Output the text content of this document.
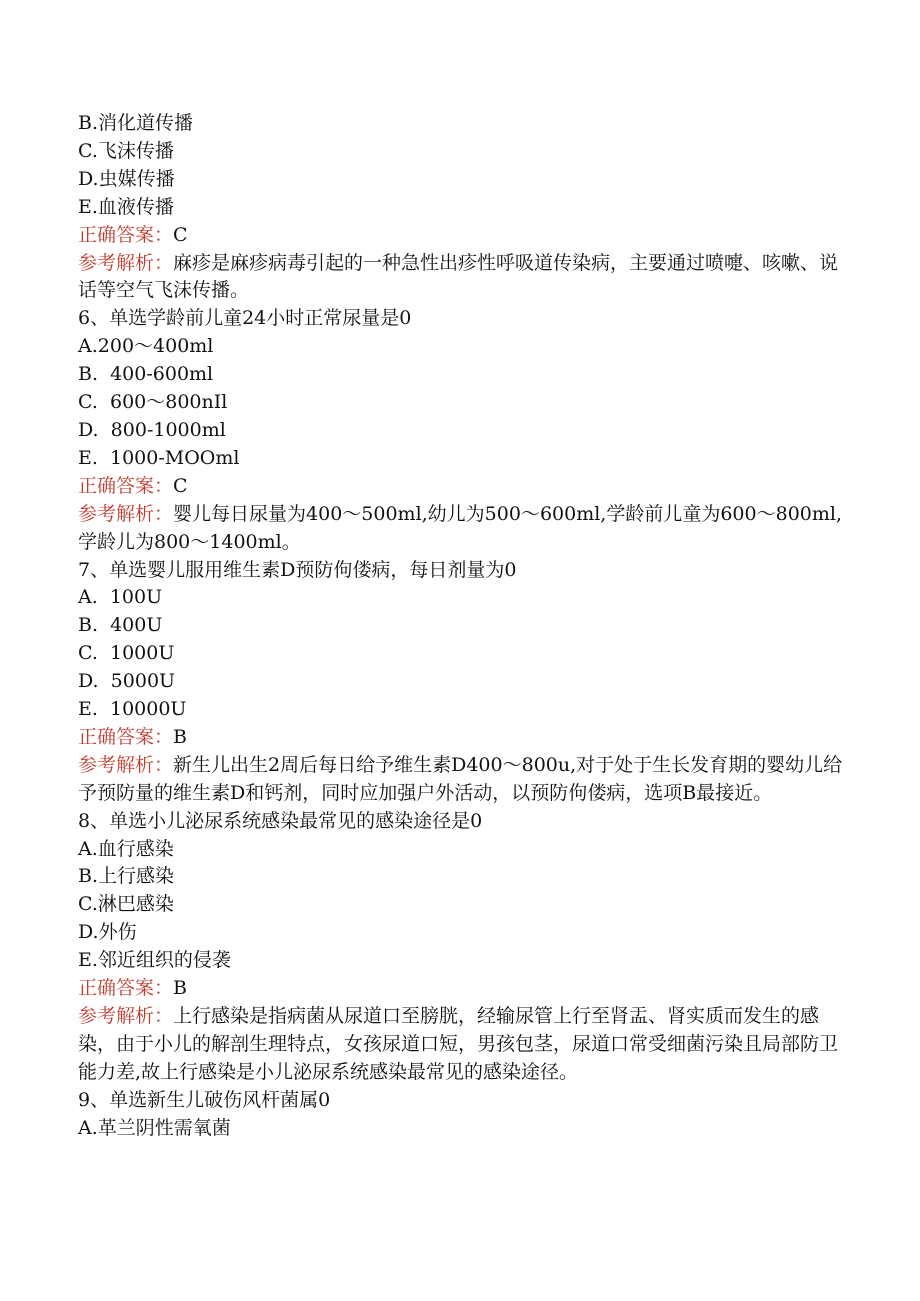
B.消化道传播

C.飞沫传播

D.虫媒传播

E.血液传播

正确答案：C

参考解析：麻疹是麻疹病毒引起的一种急性出疹性呼吸道传染病，主要通过喷嚏、咳嗽、说话等空气飞沫传播。

6、单选学龄前儿童24小时正常尿量是0

A.200～400ml

B.  400-600ml

C.  600～800nIl

D.  800-1000ml

E.  1000-MOOml

正确答案：C

参考解析：婴儿每日尿量为400～500ml,幼儿为500～600ml,学龄前儿童为600～800ml,学龄儿为800～1400ml。

7、单选婴儿服用维生素D预防佝偻病，每日剂量为0

A.  100U

B.  400U

C.  1000U

D.  5000U

E.  10000U

正确答案：B

参考解析：新生儿出生2周后每日给予维生素D400～800u,对于处于生长发育期的婴幼儿给予预防量的维生素D和钙剂，同时应加强户外活动，以预防佝偻病，选项B最接近。

8、单选小儿泌尿系统感染最常见的感染途径是0

A.血行感染

B.上行感染

C.淋巴感染

D.外伤

E.邻近组织的侵袭

正确答案：B

参考解析：上行感染是指病菌从尿道口至膀胱，经输尿管上行至肾盂、肾实质而发生的感染，由于小儿的解剖生理特点，女孩尿道口短，男孩包茎，尿道口常受细菌污染且局部防卫能力差,故上行感染是小儿泌尿系统感染最常见的感染途径。

9、单选新生儿破伤风杆菌属0

A.革兰阴性需氧菌
